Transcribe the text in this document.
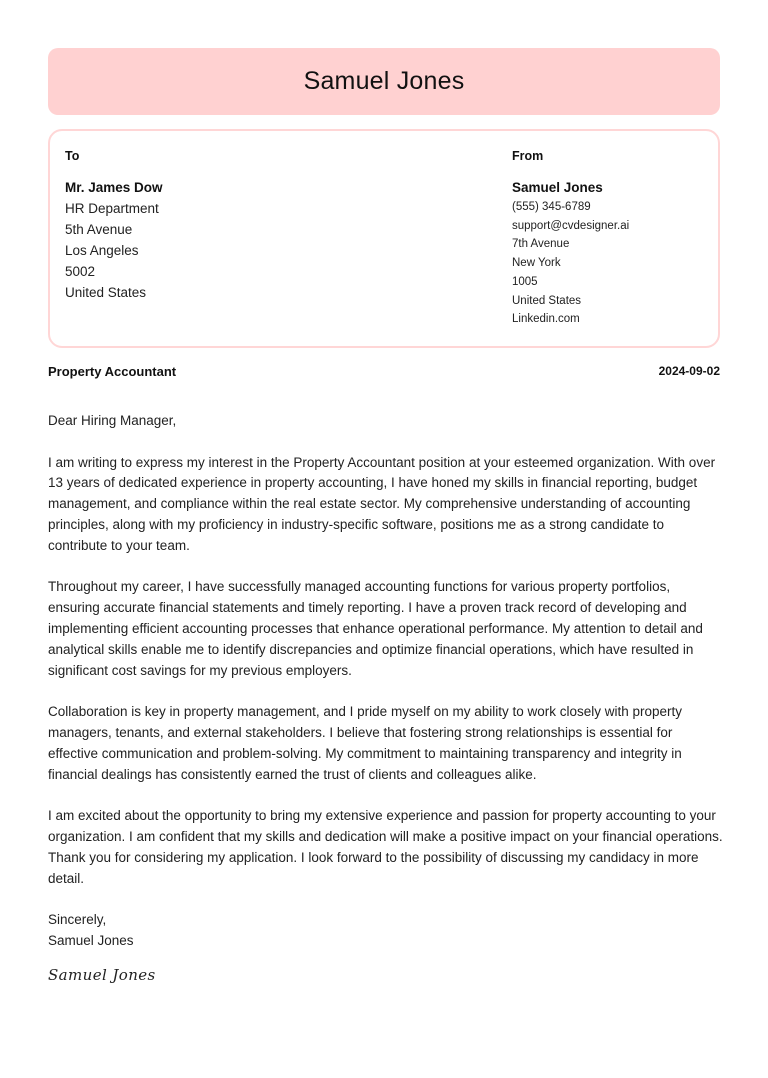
Samuel Jones
To
Mr. James Dow
HR Department
5th Avenue
Los Angeles
5002
United States
From
Samuel Jones
(555) 345-6789
support@cvdesigner.ai
7th Avenue
New York
1005
United States
Linkedin.com
Property Accountant	2024-09-02

Dear Hiring Manager,

I am writing to express my interest in the Property Accountant position at your esteemed organization. With over 13 years of dedicated experience in property accounting, I have honed my skills in financial reporting, budget management, and compliance within the real estate sector. My comprehensive understanding of accounting principles, along with my proficiency in industry-specific software, positions me as a strong candidate to contribute to your team.

Throughout my career, I have successfully managed accounting functions for various property portfolios, ensuring accurate financial statements and timely reporting. I have a proven track record of developing and implementing efficient accounting processes that enhance operational performance. My attention to detail and analytical skills enable me to identify discrepancies and optimize financial operations, which have resulted in significant cost savings for my previous employers.

Collaboration is key in property management, and I pride myself on my ability to work closely with property managers, tenants, and external stakeholders. I believe that fostering strong relationships is essential for effective communication and problem-solving. My commitment to maintaining transparency and integrity in financial dealings has consistently earned the trust of clients and colleagues alike.

I am excited about the opportunity to bring my extensive experience and passion for property accounting to your organization. I am confident that my skills and dedication will make a positive impact on your financial operations. Thank you for considering my application. I look forward to the possibility of discussing my candidacy in more detail.

Sincerely,
Samuel Jones
Samuel Jones
